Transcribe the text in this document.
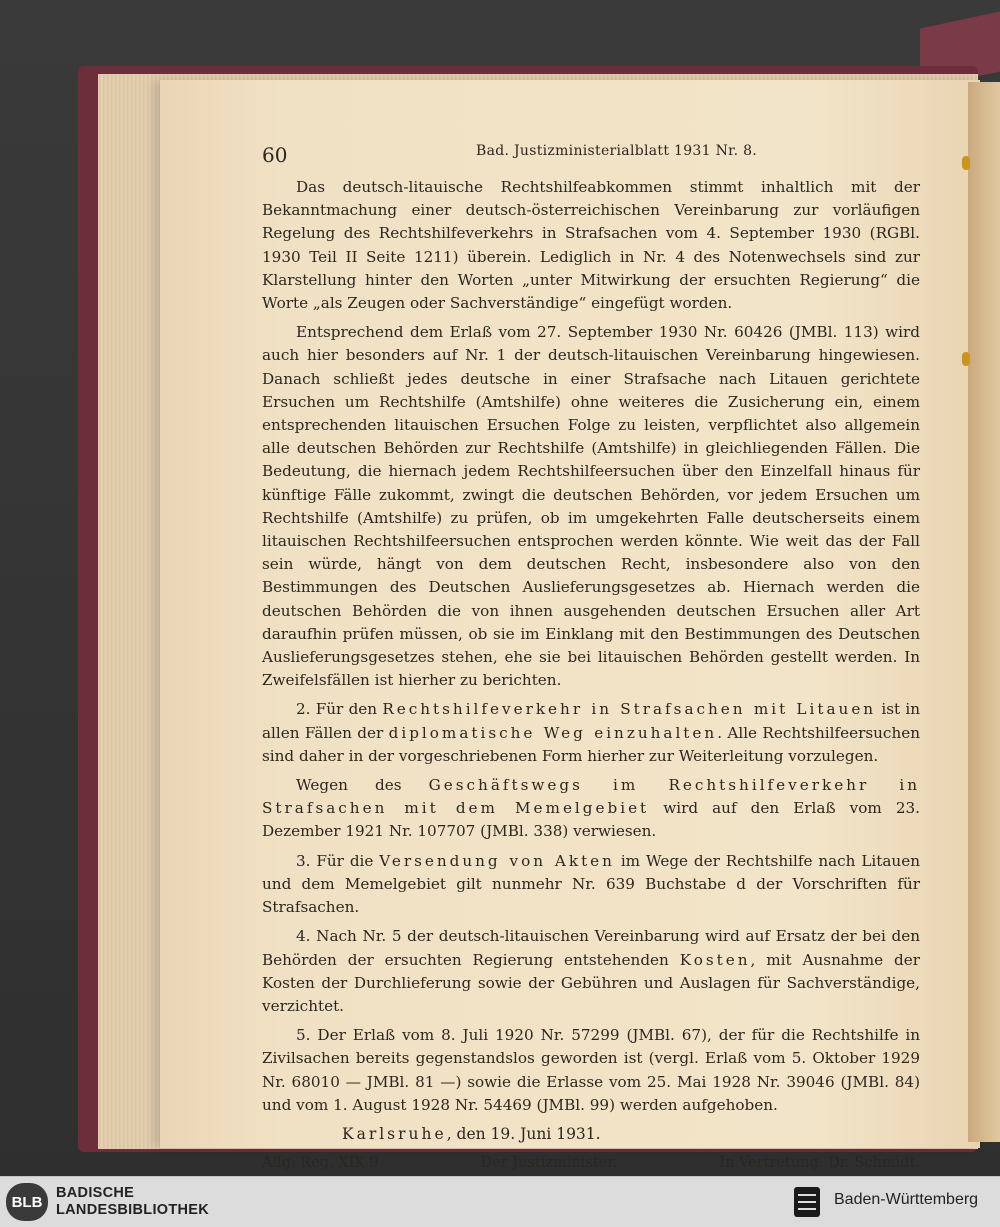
60	Bad. Justizministerialblatt 1931 Nr. 8.

Das deutsch-litauische Rechtshilfeabkommen stimmt inhaltlich mit der Bekanntmachung einer deutsch-österreichischen Vereinbarung zur vorläufigen Regelung des Rechtshilfeverkehrs in Strafsachen vom 4. September 1930 (RGBl. 1930 Teil II Seite 1211) überein. Lediglich in Nr. 4 des Notenwechsels sind zur Klarstellung hinter den Worten „unter Mitwirkung der ersuchten Regierung“ die Worte „als Zeugen oder Sachverständige“ eingefügt worden.

Entsprechend dem Erlaß vom 27. September 1930 Nr. 60426 (JMBl. 113) wird auch hier besonders auf Nr. 1 der deutsch-litauischen Vereinbarung hingewiesen. Danach schließt jedes deutsche in einer Strafsache nach Litauen gerichtete Ersuchen um Rechtshilfe (Amtshilfe) ohne weiteres die Zusicherung ein, einem entsprechenden litauischen Ersuchen Folge zu leisten, verpflichtet also allgemein alle deutschen Behörden zur Rechtshilfe (Amtshilfe) in gleichliegenden Fällen. Die Bedeutung, die hiernach jedem Rechtshilfeersuchen über den Einzelfall hinaus für künftige Fälle zukommt, zwingt die deutschen Behörden, vor jedem Ersuchen um Rechtshilfe (Amtshilfe) zu prüfen, ob im umgekehrten Falle deutscherseits einem litauischen Rechtshilfeersuchen entsprochen werden könnte. Wie weit das der Fall sein würde, hängt von dem deutschen Recht, insbesondere also von den Bestimmungen des Deutschen Auslieferungsgesetzes ab. Hiernach werden die deutschen Behörden die von ihnen ausgehenden deutschen Ersuchen aller Art daraufhin prüfen müssen, ob sie im Einklang mit den Bestimmungen des Deutschen Auslieferungsgesetzes stehen, ehe sie bei litauischen Behörden gestellt werden. In Zweifelsfällen ist hierher zu berichten.

2. Für den Rechtshilfeverkehr in Strafsachen mit Litauen ist in allen Fällen der diplomatische Weg einzuhalten. Alle Rechtshilfeersuchen sind daher in der vorgeschriebenen Form hierher zur Weiterleitung vorzulegen.

Wegen des Geschäftswegs im Rechtshilfeverkehr in Strafsachen mit dem Memelgebiet wird auf den Erlaß vom 23. Dezember 1921 Nr. 107707 (JMBl. 338) verwiesen.

3. Für die Versendung von Akten im Wege der Rechtshilfe nach Litauen und dem Memelgebiet gilt nunmehr Nr. 639 Buchstabe d der Vorschriften für Strafsachen.

4. Nach Nr. 5 der deutsch-litauischen Vereinbarung wird auf Ersatz der bei den Behörden der ersuchten Regierung entstehenden Kosten, mit Ausnahme der Kosten der Durchlieferung sowie der Gebühren und Auslagen für Sachverständige, verzichtet.

5. Der Erlaß vom 8. Juli 1920 Nr. 57299 (JMBl. 67), der für die Rechtshilfe in Zivilsachen bereits gegenstandslos geworden ist (vergl. Erlaß vom 5. Oktober 1929 Nr. 68010 — JMBl. 81 —) sowie die Erlasse vom 25. Mai 1928 Nr. 39046 (JMBl. 84) und vom 1. August 1928 Nr. 54469 (JMBl. 99) werden aufgehoben.

Karlsruhe, den 19. Juni 1931.

Allg. Reg. XIX 9	Der Justizminister.	In Vertretung: Dr. Schmidt.
BLB
BADISCHE
LANDESBIBLIOTHEK
Baden-Württemberg
